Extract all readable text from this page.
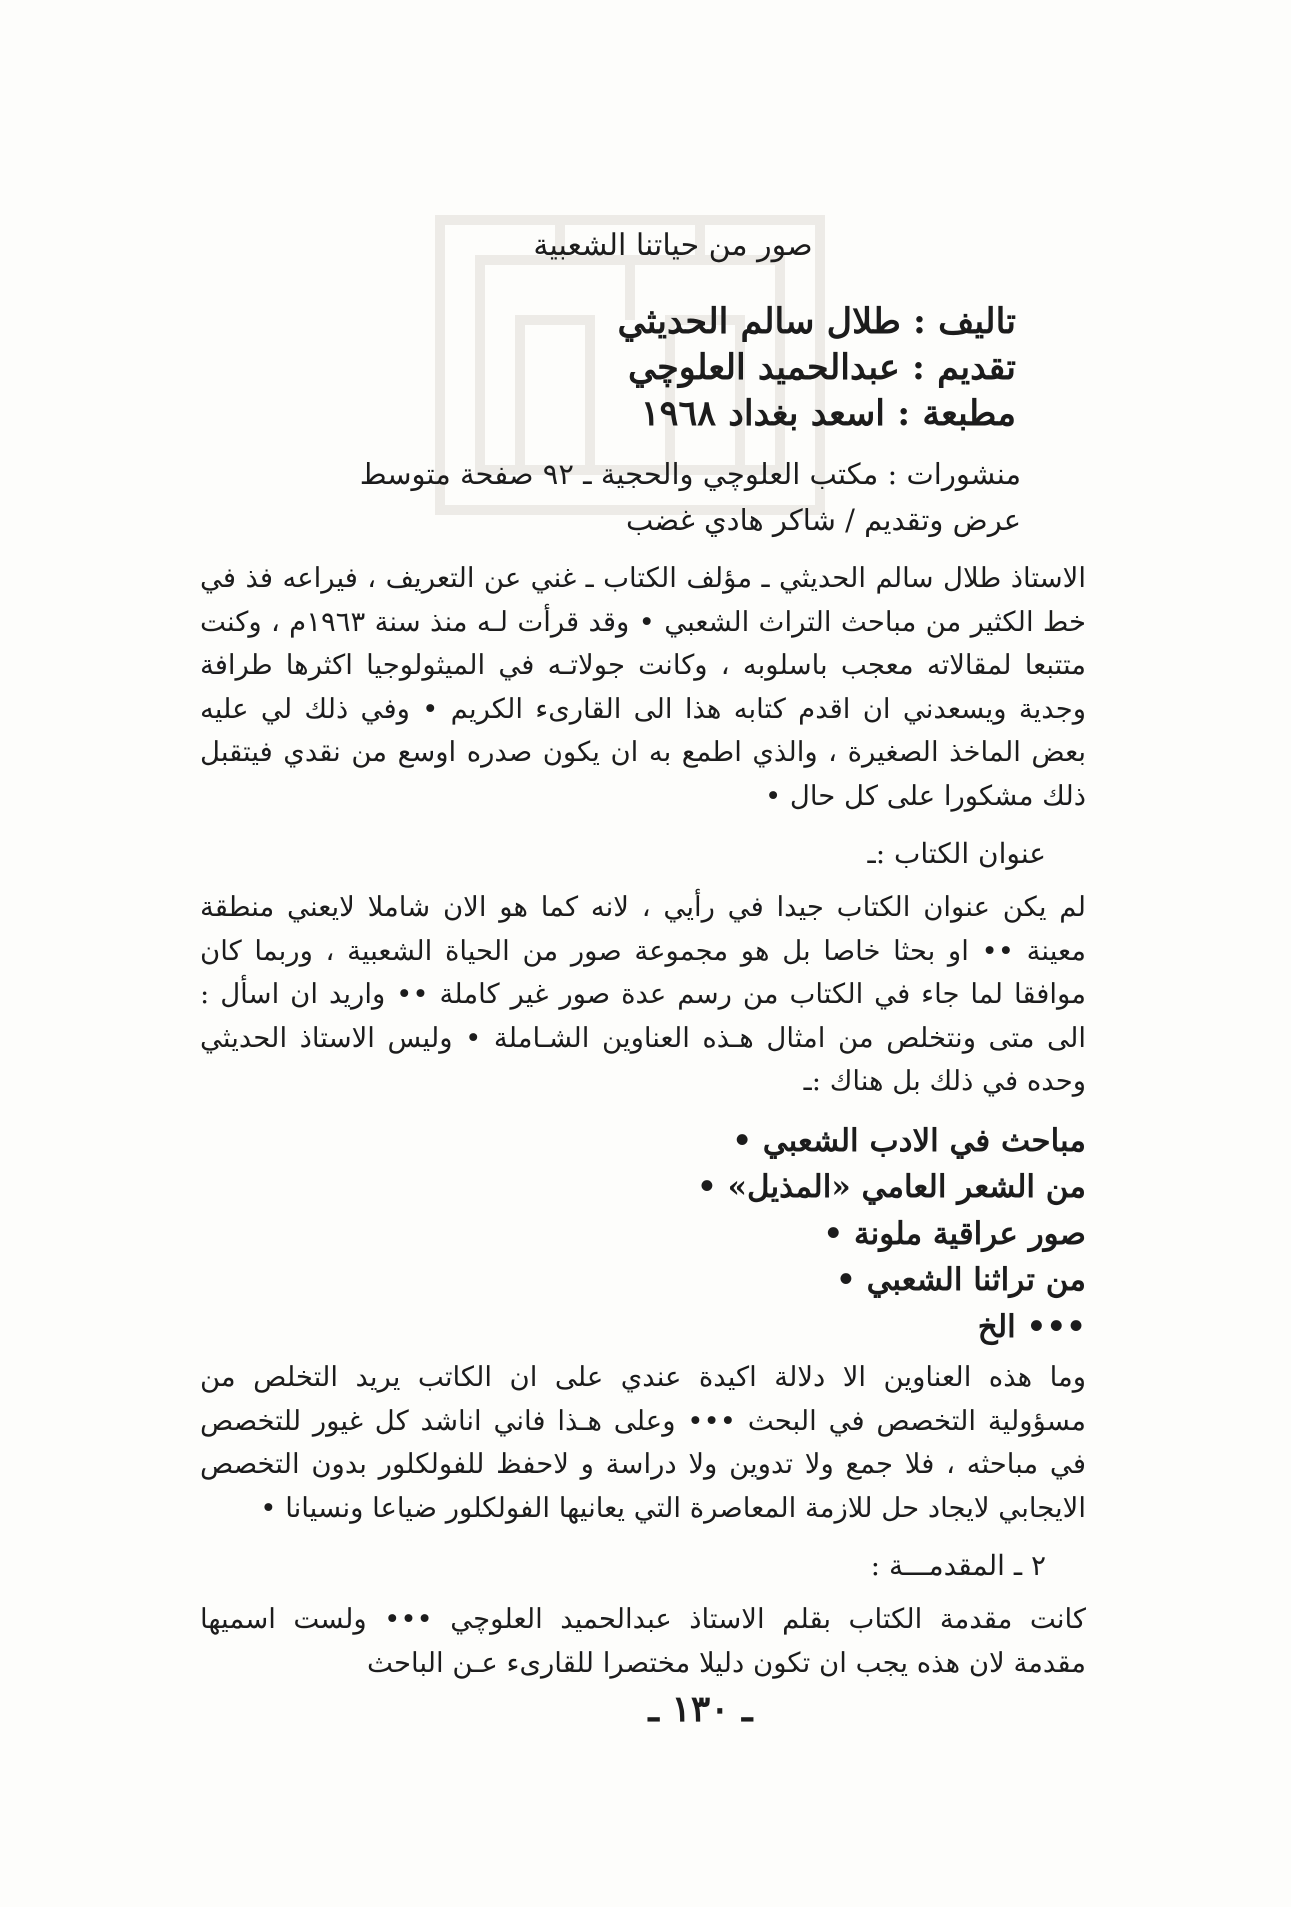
صور من حياتنا الشعبية
تاليف : طلال سالم الحديثي
تقديم : عبدالحميد العلوچي
مطبعة : اسعد بغداد ١٩٦٨
منشورات : مكتب العلوچي والحجية ـ ٩٢ صفحة متوسط
عرض وتقديم / شاكر هادي غضب

الاستاذ طلال سالم الحديثي ـ مؤلف الكتاب ـ غني عن التعريف ، فيراعه فذ في خط الكثير من مباحث التراث الشعبي • وقد قرأت لـه منذ سنة ١٩٦٣م ، وكنت متتبعا لمقالاته معجب باسلوبه ، وكانت جولاتـه في الميثولوجيا اكثرها طرافة وجدية ويسعدني ان اقدم كتابه هذا الى القارىء الكريم • وفي ذلك لي عليه بعض الماخذ الصغيرة ، والذي اطمع به ان يكون صدره اوسع من نقدي فيتقبل ذلك مشكورا على كل حال •

عنوان الكتاب :ـ

لم يكن عنوان الكتاب جيدا في رأيي ، لانه كما هو الان شاملا لايعني منطقة معينة •• او بحثا خاصا بل هو مجموعة صور من الحياة الشعبية ، وربما كان موافقا لما جاء في الكتاب من رسم عدة صور غير كاملة •• واريد ان اسأل : الى متى ونتخلص من امثال هـذه العناوين الشـاملة • وليس الاستاذ الحديثي وحده في ذلك بل هناك :ـ

مباحث في الادب الشعبي •
من الشعر العامي «المذيل» •
صور عراقية ملونة •
من تراثنا الشعبي •
••• الخ

وما هذه العناوين الا دلالة اكيدة عندي على ان الكاتب يريد التخلص من مسؤولية التخصص في البحث ••• وعلى هـذا فاني اناشد كل غيور للتخصص في مباحثه ، فلا جمع ولا تدوين ولا دراسة و لاحفظ للفولكلور بدون التخصص الايجابي لايجاد حل للازمة المعاصرة التي يعانيها الفولكلور ضياعا ونسيانا •

٢ ـ المقدمـــة :

كانت مقدمة الكتاب بقلم الاستاذ عبدالحميد العلوچي ••• ولست اسميها مقدمة لان هذه يجب ان تكون دليلا مختصرا للقارىء عـن الباحث

ـ ١٣٠ ـ
